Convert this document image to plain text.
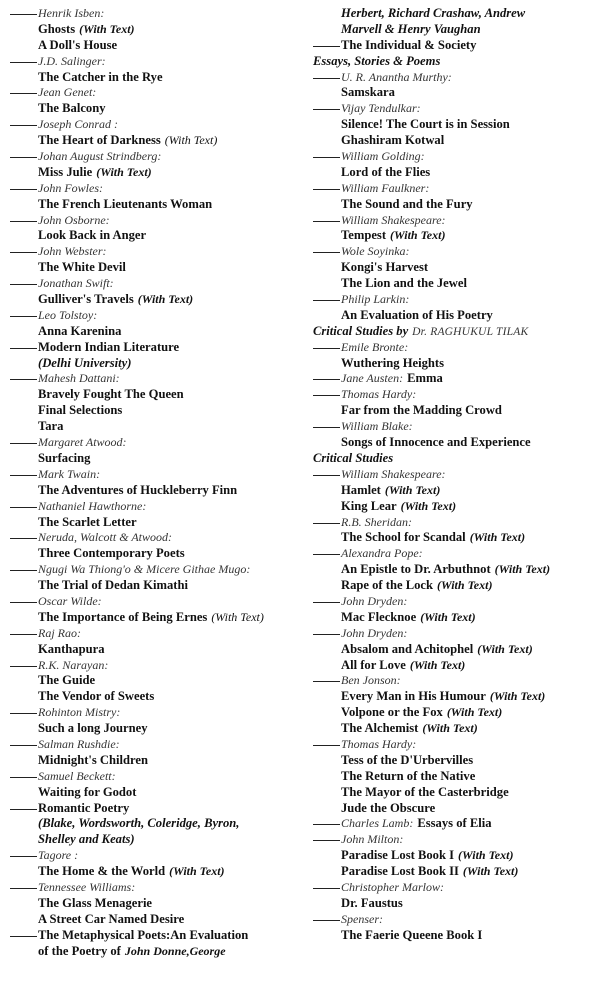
Henrik Isben:
Ghosts (With Text)
A Doll's House
J.D. Salinger:
The Catcher in the Rye
Jean Genet:
The Balcony
Joseph Conrad :
The Heart of Darkness (With Text)
Johan August Strindberg:
Miss Julie (With Text)
John Fowles:
The French Lieutenants Woman
John Osborne:
Look Back in Anger
John Webster:
The White Devil
Jonathan Swift:
Gulliver's Travels (With Text)
Leo Tolstoy:
Anna Karenina
Modern Indian Literature
(Delhi University)
Mahesh Dattani:
Bravely Fought The Queen
Final Selections
Tara
Margaret Atwood:
Surfacing
Mark Twain:
The Adventures of Huckleberry Finn
Nathaniel Hawthorne:
The Scarlet Letter
Neruda, Walcott & Atwood:
Three Contemporary Poets
Ngugi Wa Thiong'o & Micere Githae Mugo:
The Trial of Dedan Kimathi
Oscar Wilde:
The Importance of Being Ernes (With Text)
Raj Rao:
Kanthapura
R.K. Narayan:
The Guide
The Vendor of Sweets
Rohinton Mistry:
Such a long Journey
Salman Rushdie:
Midnight's Children
Samuel Beckett:
Waiting for Godot
Romantic Poetry
(Blake, Wordsworth, Coleridge, Byron,
Shelley and Keats)
Tagore :
The Home & the World (With Text)
Tennessee Williams:
The Glass Menagerie
A Street Car Named Desire
The Metaphysical Poets:An Evaluation
of the Poetry of John Donne,George
Herbert, Richard Crashaw, Andrew
Marvell & Henry Vaughan
The Individual & Society
Essays, Stories & Poems
U. R. Anantha Murthy:
Samskara
Vijay Tendulkar:
Silence! The Court is in Session
Ghashiram Kotwal
William Golding:
Lord of the Flies
William Faulkner:
The Sound and the Fury
William Shakespeare:
Tempest (With Text)
Wole Soyinka:
Kongi's Harvest
The Lion and the Jewel
Philip Larkin:
An Evaluation of His Poetry
Critical Studies by Dr. RAGHUKUL TILAK
Emile Bronte:
Wuthering Heights
Jane Austen: Emma
Thomas Hardy:
Far from the Madding Crowd
William Blake:
Songs of Innocence and Experience
Critical Studies
William Shakespeare:
Hamlet (With Text)
King Lear (With Text)
R.B. Sheridan:
The School for Scandal (With Text)
Alexandra Pope:
An Epistle to Dr. Arbuthnot (With Text)
Rape of the Lock (With Text)
John Dryden:
Mac Flecknoe (With Text)
John Dryden:
Absalom and Achitophel (With Text)
All for Love (With Text)
Ben Jonson:
Every Man in His Humour (With Text)
Volpone or the Fox (With Text)
The Alchemist (With Text)
Thomas Hardy:
Tess of the D'Urbervilles
The Return of the Native
The Mayor of the Casterbridge
Jude the Obscure
Charles Lamb: Essays of Elia
John Milton:
Paradise Lost Book I (With Text)
Paradise Lost Book II (With Text)
Christopher Marlow:
Dr. Faustus
Spenser:
The Faerie Queene Book I
